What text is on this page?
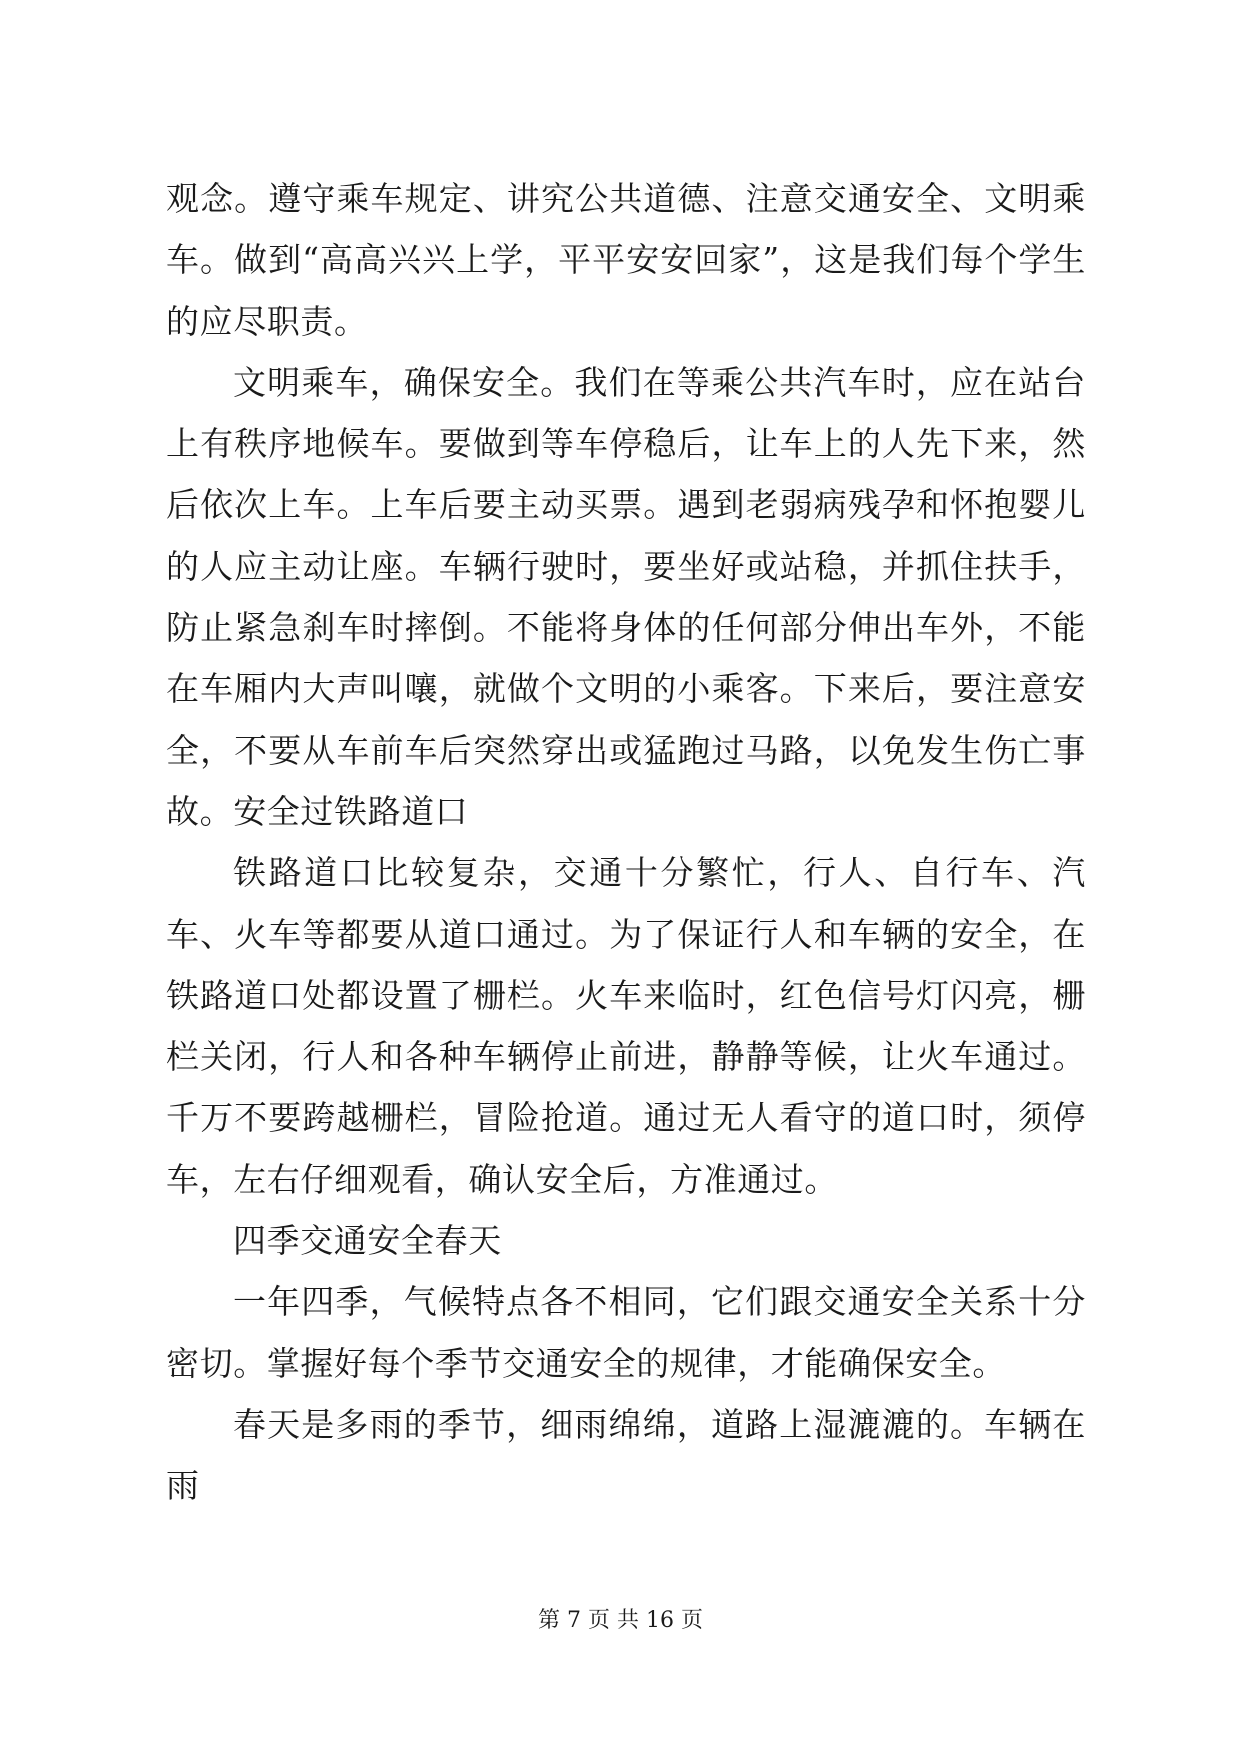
观念。遵守乘车规定、讲究公共道德、注意交通安全、文明乘车。做到“高高兴兴上学，平平安安回家”，这是我们每个学生的应尽职责。

文明乘车，确保安全。我们在等乘公共汽车时，应在站台上有秩序地候车。要做到等车停稳后，让车上的人先下来，然后依次上车。上车后要主动买票。遇到老弱病残孕和怀抱婴儿的人应主动让座。车辆行驶时，要坐好或站稳，并抓住扶手，防止紧急刹车时摔倒。不能将身体的任何部分伸出车外，不能在车厢内大声叫嚷，就做个文明的小乘客。下来后，要注意安全，不要从车前车后突然穿出或猛跑过马路，以免发生伤亡事故。安全过铁路道口

铁路道口比较复杂，交通十分繁忙，行人、自行车、汽车、火车等都要从道口通过。为了保证行人和车辆的安全，在铁路道口处都设置了栅栏。火车来临时，红色信号灯闪亮，栅栏关闭，行人和各种车辆停止前进，静静等候，让火车通过。千万不要跨越栅栏，冒险抢道。通过无人看守的道口时，须停车，左右仔细观看，确认安全后，方准通过。

四季交通安全春天

一年四季，气候特点各不相同，它们跟交通安全关系十分密切。掌握好每个季节交通安全的规律，才能确保安全。

春天是多雨的季节，细雨绵绵，道路上湿漉漉的。车辆在雨

第 7 页 共 16 页
